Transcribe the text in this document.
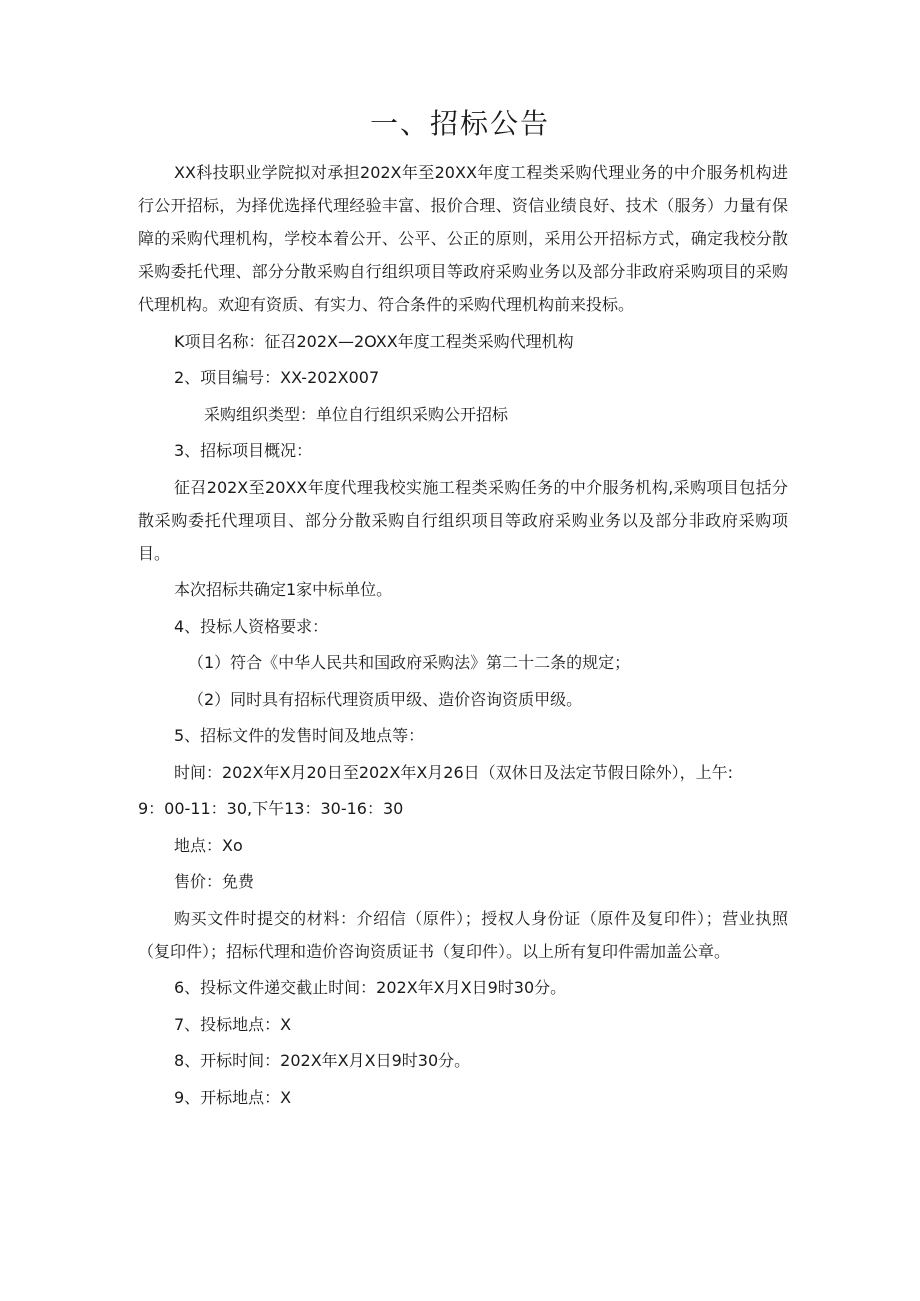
一、招标公告

XX科技职业学院拟对承担202X年至20XX年度工程类采购代理业务的中介服务机构进行公开招标，为择优选择代理经验丰富、报价合理、资信业绩良好、技术（服务）力量有保障的采购代理机构，学校本着公开、公平、公正的原则，采用公开招标方式，确定我校分散采购委托代理、部分分散采购自行组织项目等政府采购业务以及部分非政府采购项目的采购代理机构。欢迎有资质、有实力、符合条件的采购代理机构前来投标。

K项目名称：征召202X—2OXX年度工程类采购代理机构

2、项目编号：XX-202X007

采购组织类型：单位自行组织采购公开招标

3、招标项目概况：

征召202X至20XX年度代理我校实施工程类采购任务的中介服务机构,采购项目包括分散采购委托代理项目、部分分散采购自行组织项目等政府采购业务以及部分非政府采购项目。

本次招标共确定1家中标单位。

4、投标人资格要求：

（1）符合《中华人民共和国政府采购法》第二十二条的规定；

（2）同时具有招标代理资质甲级、造价咨询资质甲级。

5、招标文件的发售时间及地点等：

时间：202X年X月20日至202X年X月26日（双休日及法定节假日除外），上午:

9：00-11：30,下午13：30-16：30

地点：Xo

售价：免费

购买文件时提交的材料：介绍信（原件）；授权人身份证（原件及复印件）；营业执照（复印件）；招标代理和造价咨询资质证书（复印件）。以上所有复印件需加盖公章。

6、投标文件递交截止时间：202X年X月X日9时30分。

7、投标地点：X

8、开标时间：202X年X月X日9时30分。

9、开标地点：X
